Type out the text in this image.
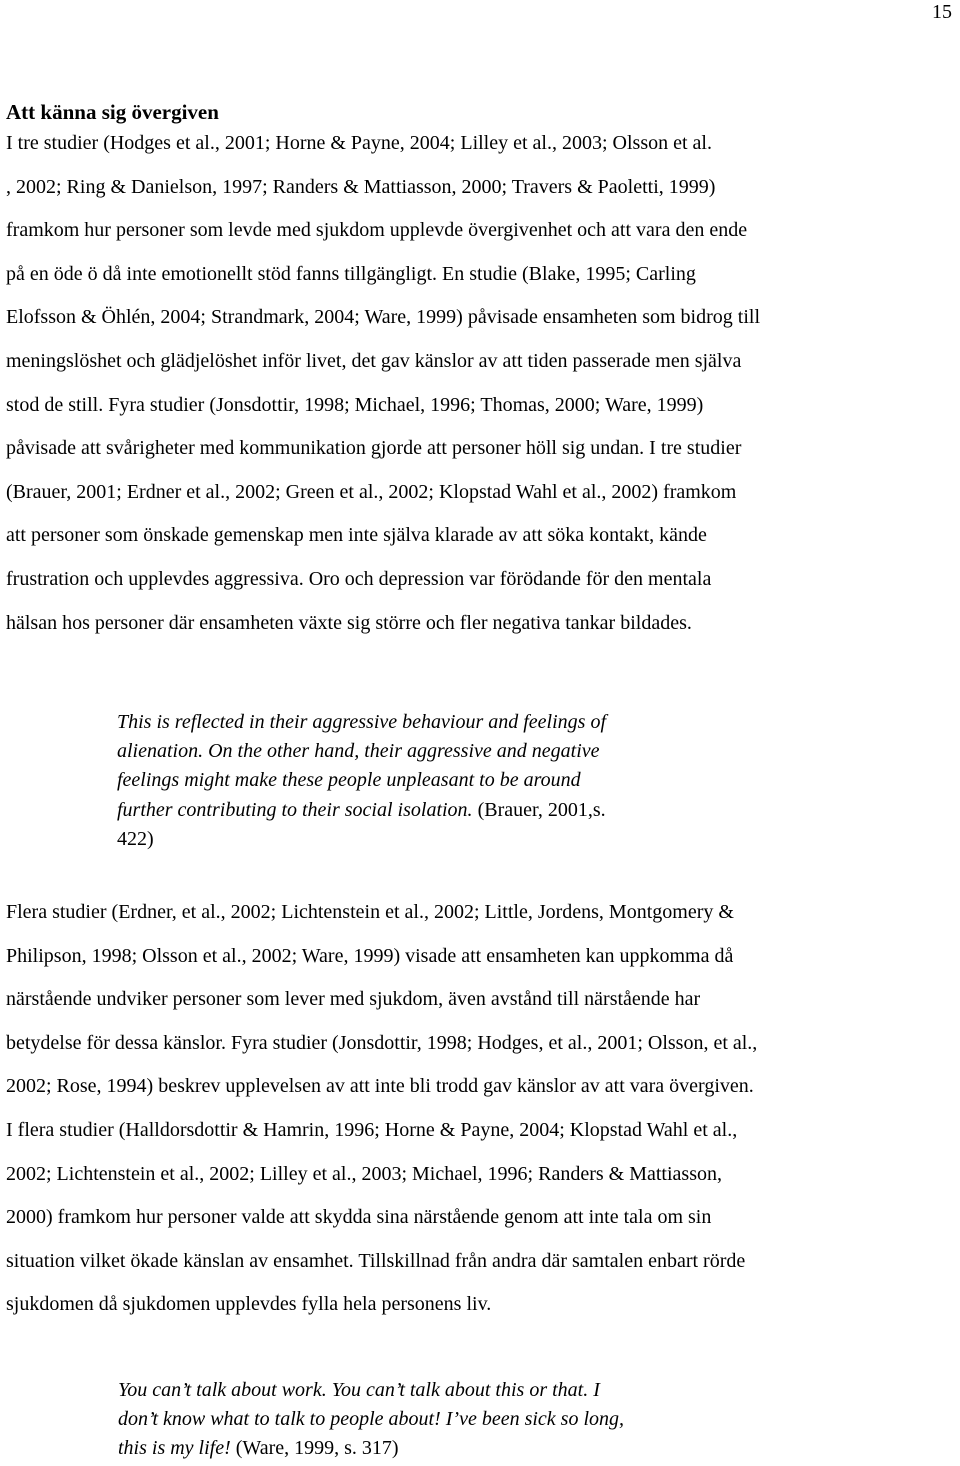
15
Att känna sig övergiven
I tre studier (Hodges et al., 2001; Horne & Payne, 2004; Lilley et al., 2003; Olsson et al.
, 2002; Ring & Danielson, 1997; Randers & Mattiasson, 2000; Travers & Paoletti, 1999)
framkom hur personer som levde med sjukdom upplevde övergivenhet och att vara den ende
på en öde ö då inte emotionellt stöd fanns tillgängligt. En studie (Blake, 1995; Carling
Elofsson & Öhlén, 2004; Strandmark, 2004; Ware, 1999) påvisade ensamheten som bidrog till
meningslöshet och glädjelöshet inför livet, det gav känslor av att tiden passerade men själva
stod de still. Fyra studier (Jonsdottir, 1998; Michael, 1996; Thomas, 2000; Ware, 1999)
påvisade att svårigheter med kommunikation gjorde att personer höll sig undan. I tre studier
(Brauer, 2001; Erdner et al., 2002; Green et al., 2002; Klopstad Wahl et al., 2002) framkom
att personer som önskade gemenskap men inte själva klarade av att söka kontakt, kände
frustration och upplevdes aggressiva. Oro och depression var förödande för den mentala
hälsan hos personer där ensamheten växte sig större och fler negativa tankar bildades.
This is reflected in their aggressive behaviour and feelings of
alienation. On the other hand, their aggressive and negative
feelings might make these people unpleasant to be around
further contributing to their social isolation. (Brauer, 2001,s.
422)
Flera studier (Erdner, et al., 2002; Lichtenstein et al., 2002; Little, Jordens, Montgomery &
Philipson, 1998; Olsson et al., 2002; Ware, 1999) visade att ensamheten kan uppkomma då
närstående undviker personer som lever med sjukdom, även avstånd till närstående har
betydelse för dessa känslor. Fyra studier (Jonsdottir, 1998; Hodges, et al., 2001; Olsson, et al.,
2002; Rose, 1994) beskrev upplevelsen av att inte bli trodd gav känslor av att vara övergiven.
I flera studier (Halldorsdottir & Hamrin, 1996; Horne & Payne, 2004; Klopstad Wahl et al.,
2002; Lichtenstein et al., 2002; Lilley et al., 2003; Michael, 1996; Randers & Mattiasson,
2000) framkom hur personer valde att skydda sina närstående genom att inte tala om sin
situation vilket ökade känslan av ensamhet. Tillskillnad från andra där samtalen enbart rörde
sjukdomen då sjukdomen upplevdes fylla hela personens liv.
You can’t talk about work. You can’t talk about this or that. I
don’t know what to talk to people about! I’ve been sick so long,
this is my life! (Ware, 1999, s. 317)
